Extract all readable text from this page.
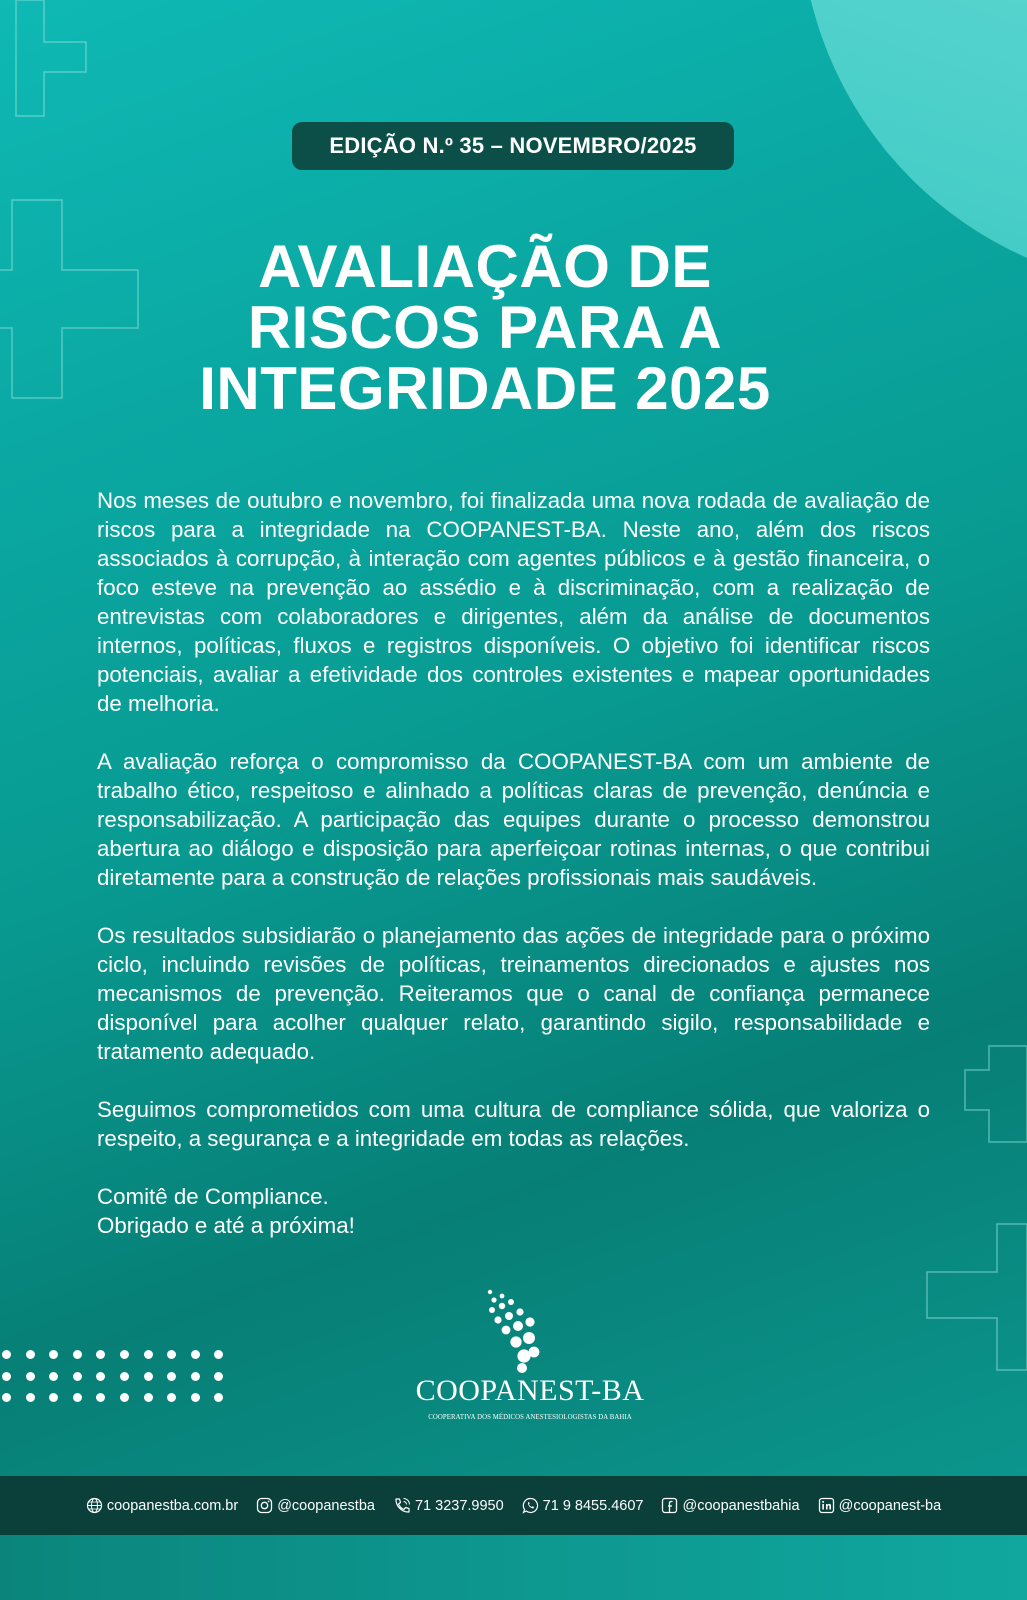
EDIÇÃO N.º 35 – NOVEMBRO/2025
AVALIAÇÃO DE
RISCOS PARA A
INTEGRIDADE 2025

Nos meses de outubro e novembro, foi finalizada uma nova rodada de avaliação de riscos para a integridade na COOPANEST-BA. Neste ano, além dos riscos associados à corrupção, à interação com agentes públicos e à gestão financeira, o foco esteve na prevenção ao assédio e à discriminação, com a realização de entrevistas com colaboradores e dirigentes, além da análise de documentos internos, políticas, fluxos e registros disponíveis. O objetivo foi identificar riscos potenciais, avaliar a efetividade dos controles existentes e mapear oportunidades de melhoria.

A avaliação reforça o compromisso da COOPANEST-BA com um ambiente de trabalho ético, respeitoso e alinhado a políticas claras de prevenção, denúncia e responsabilização. A participação das equipes durante o processo demonstrou abertura ao diálogo e disposição para aperfeiçoar rotinas internas, o que contribui diretamente para a construção de relações profissionais mais saudáveis.

Os resultados subsidiarão o planejamento das ações de integridade para o próximo ciclo, incluindo revisões de políticas, treinamentos direcionados e ajustes nos mecanismos de prevenção. Reiteramos que o canal de confiança permanece disponível para acolher qualquer relato, garantindo sigilo, responsabilidade e tratamento adequado.

Seguimos comprometidos com uma cultura de compliance sólida, que valoriza o respeito, a segurança e a integridade em todas as relações.

Comitê de Compliance.
Obrigado e até a próxima!

COOPANEST-BA
COOPERATIVA DOS MÉDICOS ANESTESIOLOGISTAS DA BAHIA
coopanestba.com.br	@coopanestba	71 3237.9950	71 9 8455.4607	@coopanestbahia	@coopanest-ba
